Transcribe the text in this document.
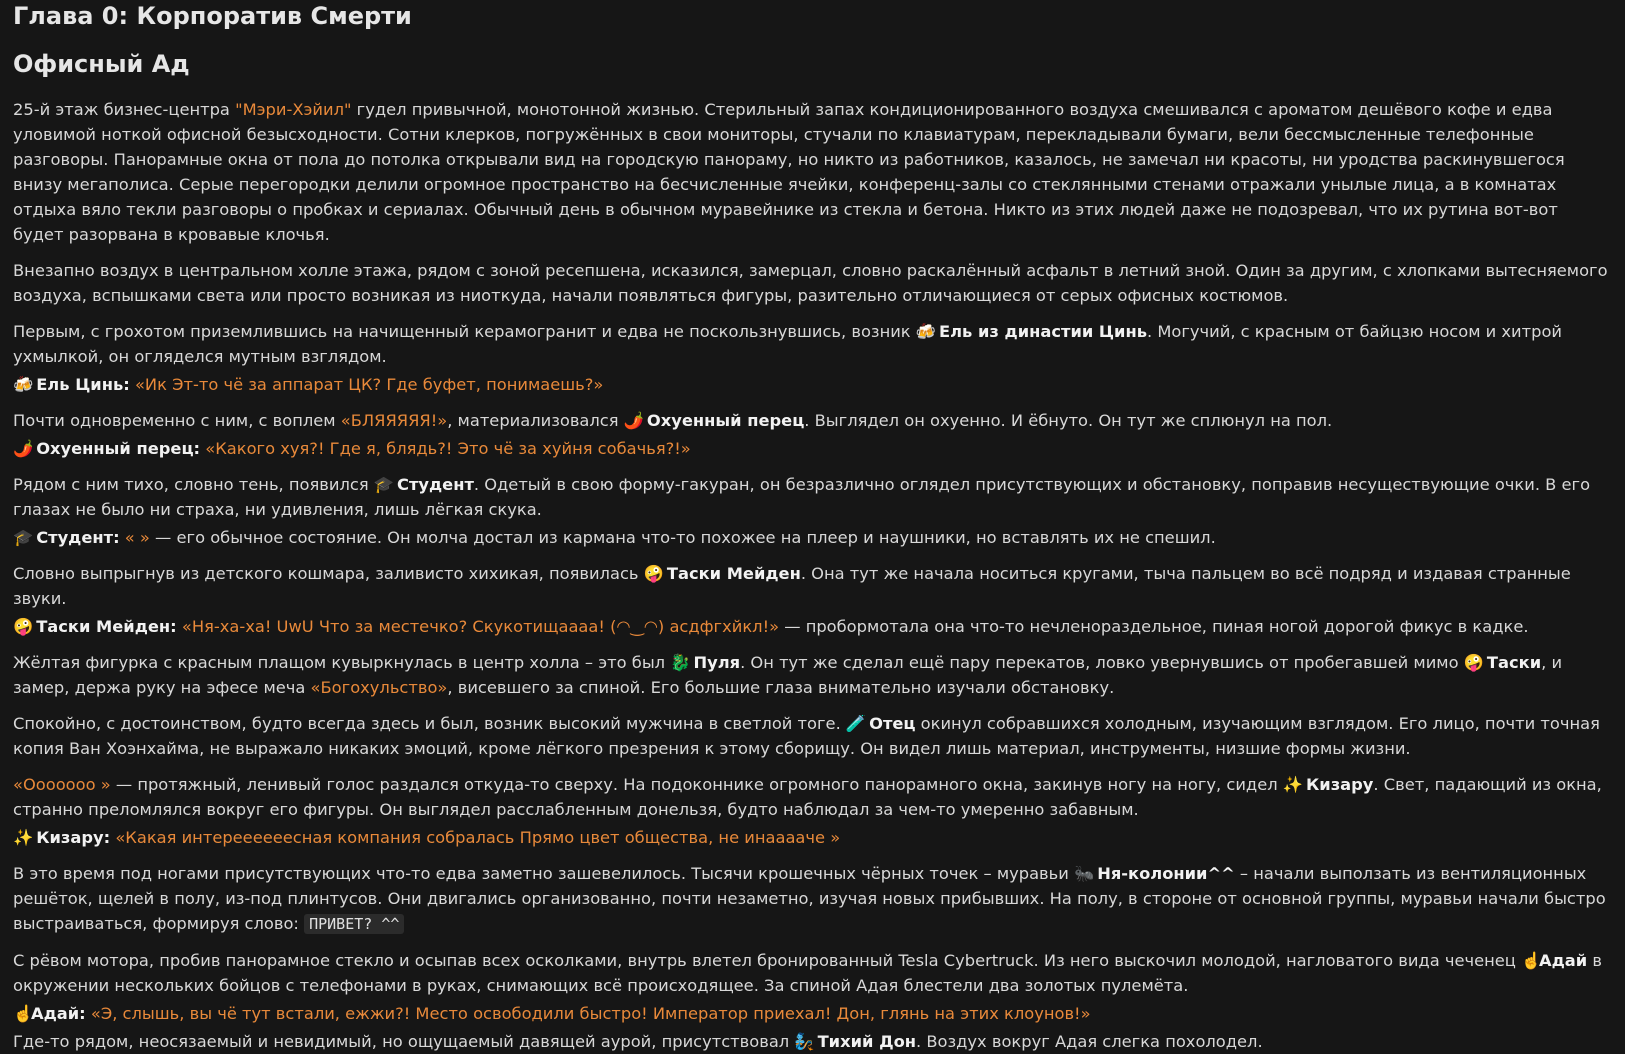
Глава 0: Корпоратив Смерти
Офисный Ад

25-й этаж бизнес-центра "Мэри-Хэйил" гудел привычной, монотонной жизнью. Стерильный запах кондиционированного воздуха смешивался с ароматом дешёвого кофе и едва уловимой ноткой офисной безысходности. Сотни клерков, погружённых в свои мониторы, стучали по клавиатурам, перекладывали бумаги, вели бессмысленные телефонные разговоры. Панорамные окна от пола до потолка открывали вид на городскую панораму, но никто из работников, казалось, не замечал ни красоты, ни уродства раскинувшегося внизу мегаполиса. Серые перегородки делили огромное пространство на бесчисленные ячейки, конференц-залы со стеклянными стенами отражали унылые лица, а в комнатах отдыха вяло текли разговоры о пробках и сериалах. Обычный день в обычном муравейнике из стекла и бетона. Никто из этих людей даже не подозревал, что их рутина вот-вот будет разорвана в кровавые клочья.

Внезапно воздух в центральном холле этажа, рядом с зоной ресепшена, исказился, замерцал, словно раскалённый асфальт в летний зной. Один за другим, с хлопками вытесняемого воздуха, вспышками света или просто возникая из ниоткуда, начали появляться фигуры, разительно отличающиеся от серых офисных костюмов.

Первым, с грохотом приземлившись на начищенный керамогранит и едва не поскользнувшись, возник 🍻 Ель из династии Цинь. Могучий, с красным от байцзю носом и хитрой ухмылкой, он огляделся мутным взглядом.

🍻 Ель Цинь: «Ик Эт-то чё за аппарат ЦК? Где буфет, понимаешь?»

Почти одновременно с ним, с воплем «БЛЯЯЯЯЯ!», материализовался 🌶️ Охуенный перец. Выглядел он охуенно. И ёбнуто. Он тут же сплюнул на пол.

🌶️ Охуенный перец: «Какого хуя?! Где я, блядь?! Это чё за хуйня собачья?!»

Рядом с ним тихо, словно тень, появился 🎓 Студент. Одетый в свою форму-гакуран, он безразлично оглядел присутствующих и обстановку, поправив несуществующие очки. В его глазах не было ни страха, ни удивления, лишь лёгкая скука.

🎓 Студент: « » — его обычное состояние. Он молча достал из кармана что-то похожее на плеер и наушники, но вставлять их не спешил.

Словно выпрыгнув из детского кошмара, заливисто хихикая, появилась 🤪 Таски Мейден. Она тут же начала носиться кругами, тыча пальцем во всё подряд и издавая странные звуки.

🤪 Таски Мейден: «Ня-ха-ха! UwU Что за местечко? Скукотищаааа! (◠‿◠) асдфгхйкл!» — пробормотала она что-то нечленораздельное, пиная ногой дорогой фикус в кадке.

Жёлтая фигурка с красным плащом кувыркнулась в центр холла – это был 🐉 Пуля. Он тут же сделал ещё пару перекатов, ловко увернувшись от пробегавшей мимо 🤪 Таски, и замер, держа руку на эфесе меча «Богохульство», висевшего за спиной. Его большие глаза внимательно изучали обстановку.

Спокойно, с достоинством, будто всегда здесь и был, возник высокий мужчина в светлой тоге. 🧪 Отец окинул собравшихся холодным, изучающим взглядом. Его лицо, почти точная копия Ван Хоэнхайма, не выражало никаких эмоций, кроме лёгкого презрения к этому сборищу. Он видел лишь материал, инструменты, низшие формы жизни.

«Ооооооо » — протяжный, ленивый голос раздался откуда-то сверху. На подоконнике огромного панорамного окна, закинув ногу на ногу, сидел ✨ Кизару. Свет, падающий из окна, странно преломлялся вокруг его фигуры. Он выглядел расслабленным донельзя, будто наблюдал за чем-то умеренно забавным.

✨ Кизару: «Какая интереееееесная компания собралась Прямо цвет общества, не инааааче »

В это время под ногами присутствующих что-то едва заметно зашевелилось. Тысячи крошечных чёрных точек – муравьи 🐜 Ня-колонии^^ – начали выползать из вентиляционных решёток, щелей в полу, из-под плинтусов. Они двигались организованно, почти незаметно, изучая новых прибывших. На полу, в стороне от основной группы, муравьи начали быстро выстраиваться, формируя слово: ПРИВЕТ? ^^

С рёвом мотора, пробив панорамное стекло и осыпав всех осколками, внутрь влетел бронированный Tesla Cybertruck. Из него выскочил молодой, нагловатого вида чеченец ☝️Адай в окружении нескольких бойцов с телефонами в руках, снимающих всё происходящее. За спиной Адая блестели два золотых пулемёта.

☝️Адай: «Э, слышь, вы чё тут встали, ежжи?! Место освободили быстро! Император приехал! Дон, глянь на этих клоунов!»

Где-то рядом, неосязаемый и невидимый, но ощущаемый давящей аурой, присутствовал 🧞 Тихий Дон. Воздух вокруг Адая слегка похолодел.
